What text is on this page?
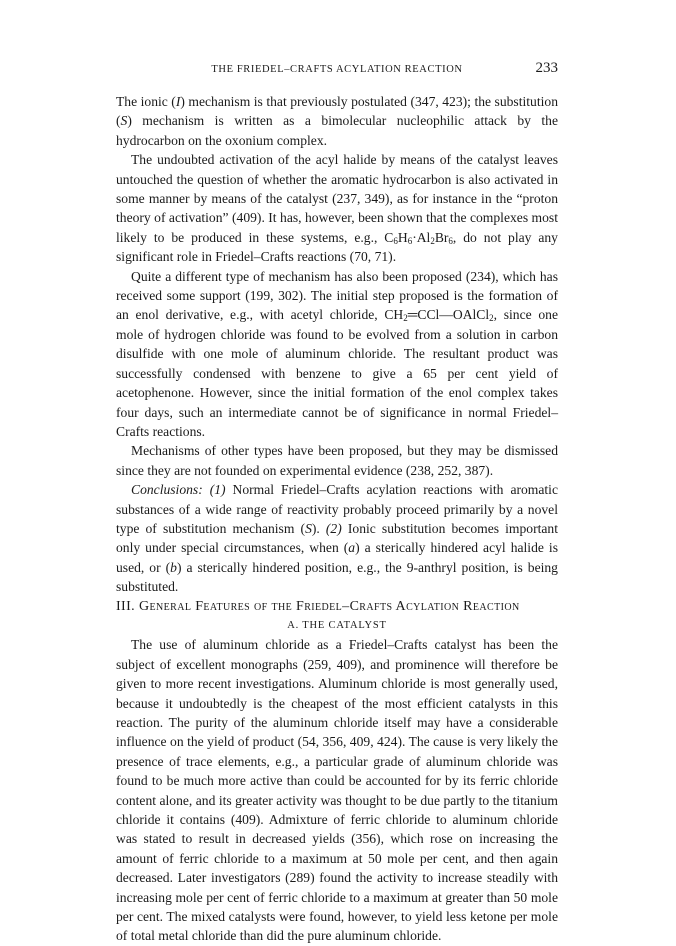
THE FRIEDEL–CRAFTS ACYLATION REACTION	233

The ionic (I) mechanism is that previously postulated (347, 423); the substitution (S) mechanism is written as a bimolecular nucleophilic attack by the hydrocarbon on the oxonium complex.

The undoubted activation of the acyl halide by means of the catalyst leaves untouched the question of whether the aromatic hydrocarbon is also activated in some manner by means of the catalyst (237, 349), as for instance in the “proton theory of activation” (409). It has, however, been shown that the complexes most likely to be produced in these systems, e.g., $C_6H_6\cdot Al_2Br_6$, do not play any significant role in Friedel–Crafts reactions (70, 71).

Quite a different type of mechanism has also been proposed (234), which has received some support (199, 302). The initial step proposed is the formation of an enol derivative, e.g., with acetyl chloride, $CH_2═CCl—OAlCl_2$, since one mole of hydrogen chloride was found to be evolved from a solution in carbon disulfide with one mole of aluminum chloride. The resultant product was successfully condensed with benzene to give a 65 per cent yield of acetophenone. However, since the initial formation of the enol complex takes four days, such an intermediate cannot be of significance in normal Friedel–Crafts reactions.

Mechanisms of other types have been proposed, but they may be dismissed since they are not founded on experimental evidence (238, 252, 387).

Conclusions: (1) Normal Friedel–Crafts acylation reactions with aromatic substances of a wide range of reactivity probably proceed primarily by a novel type of substitution mechanism (S). (2) Ionic substitution becomes important only under special circumstances, when (a) a sterically hindered acyl halide is used, or (b) a sterically hindered position, e.g., the 9-anthryl position, is being substituted.

III. General Features of the Friedel–Crafts Acylation Reaction

A. THE CATALYST

The use of aluminum chloride as a Friedel–Crafts catalyst has been the subject of excellent monographs (259, 409), and prominence will therefore be given to more recent investigations. Aluminum chloride is most generally used, because it undoubtedly is the cheapest of the most efficient catalysts in this reaction. The purity of the aluminum chloride itself may have a considerable influence on the yield of product (54, 356, 409, 424). The cause is very likely the presence of trace elements, e.g., a particular grade of aluminum chloride was found to be much more active than could be accounted for by its ferric chloride content alone, and its greater activity was thought to be due partly to the titanium chloride it contains (409). Admixture of ferric chloride to aluminum chloride was stated to result in decreased yields (356), which rose on increasing the amount of ferric chloride to a maximum at 50 mole per cent, and then again decreased. Later investigators (289) found the activity to increase steadily with increasing mole per cent of ferric chloride to a maximum at greater than 50 mole per cent. The mixed catalysts were found, however, to yield less ketone per mole of total metal chloride than did the pure aluminum chloride.
